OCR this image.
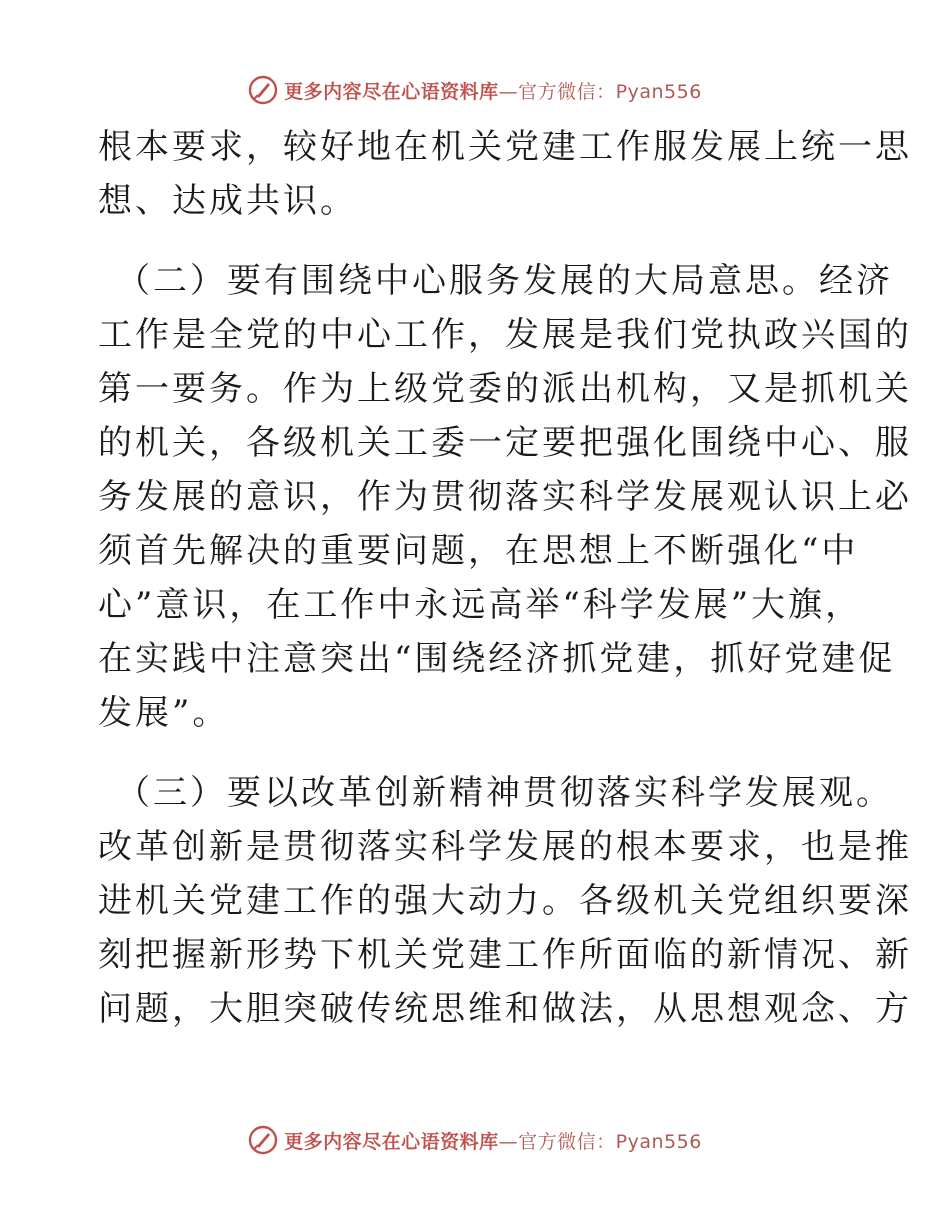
更多内容尽在心语资料库—官方微信：Pyan556
根本要求，较好地在机关党建工作服发展上统一思
想、达成共识。
（二）要有围绕中心服务发展的大局意思。经济
工作是全党的中心工作，发展是我们党执政兴国的
第一要务。作为上级党委的派出机构，又是抓机关
的机关，各级机关工委一定要把强化围绕中心、服
务发展的意识，作为贯彻落实科学发展观认识上必
须首先解决的重要问题，在思想上不断强化“中
心”意识，在工作中永远高举“科学发展”大旗，
在实践中注意突出“围绕经济抓党建，抓好党建促
发展”。
（三）要以改革创新精神贯彻落实科学发展观。
改革创新是贯彻落实科学发展的根本要求，也是推
进机关党建工作的强大动力。各级机关党组织要深
刻把握新形势下机关党建工作所面临的新情况、新
问题，大胆突破传统思维和做法，从思想观念、方
更多内容尽在心语资料库—官方微信：Pyan556
